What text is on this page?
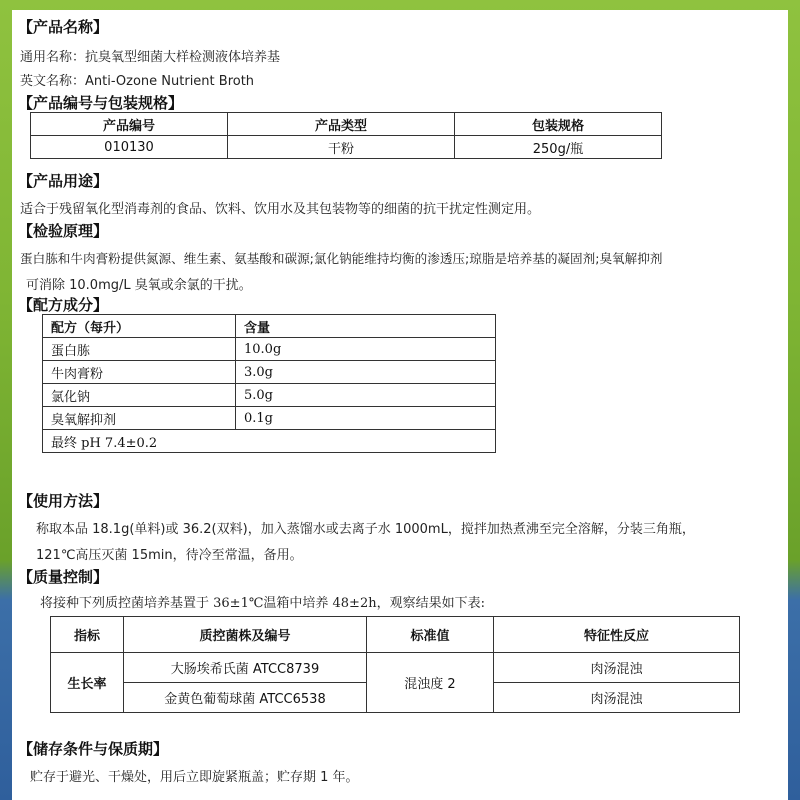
【产品名称】
通用名称：抗臭氧型细菌大样检测液体培养基
英文名称：Anti-Ozone Nutrient Broth
【产品编号与包装规格】
产品编号	产品类型	包装规格
010130	干粉	250g/瓶
【产品用途】
适合于残留氧化型消毒剂的食品、饮料、饮用水及其包装物等的细菌的抗干扰定性测定用。
【检验原理】
蛋白胨和牛肉膏粉提供氮源、维生素、氨基酸和碳源;氯化钠能维持均衡的渗透压;琼脂是培养基的凝固剂;臭氧解抑剂
可消除 10.0mg/L 臭氧或余氯的干扰。
【配方成分】
配方（每升）	含量
蛋白胨	10.0g
牛肉膏粉	3.0g
氯化钠	5.0g
臭氧解抑剂	0.1g
最终 pH 7.4±0.2	
【使用方法】
称取本品 18.1g(单料)或 36.2(双料)，加入蒸馏水或去离子水 1000mL，搅拌加热煮沸至完全溶解，分装三角瓶，
121℃高压灭菌 15min，待冷至常温，备用。
【质量控制】
将接种下列质控菌培养基置于 36±1℃温箱中培养 48±2h，观察结果如下表:
指标	质控菌株及编号	标准值	特征性反应
生长率	大肠埃希氏菌 ATCC8739	混浊度 2	肉汤混浊
	金黄色葡萄球菌 ATCC6538		肉汤混浊
【储存条件与保质期】
贮存于避光、干燥处，用后立即旋紧瓶盖；贮存期 1 年。
